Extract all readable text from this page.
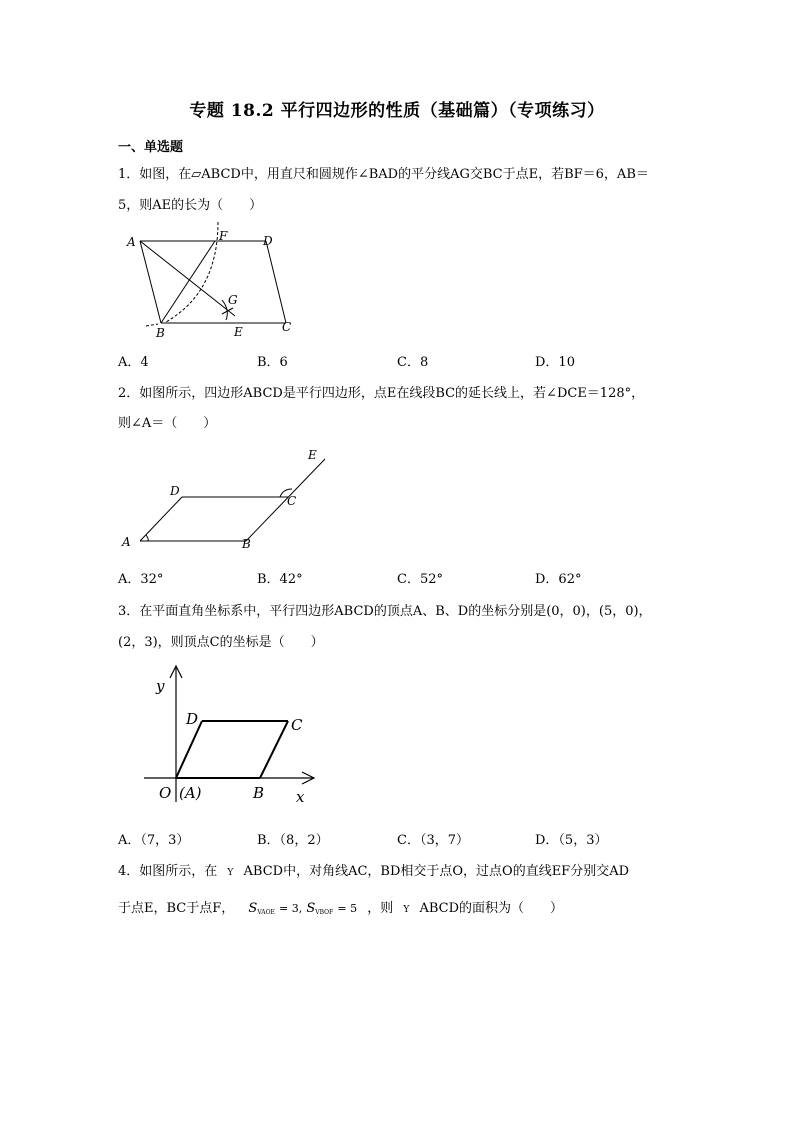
专题 18.2 平行四边形的性质（基础篇）（专项练习）
一、单选题
1．如图，在▱ABCD中，用直尺和圆规作∠BAD的平分线AG交BC于点E，若BF＝6，AB＝
5，则AE的长为（　　）
A	F	D
G
B	E	C
A．4	B．6	C．8	D．10
2．如图所示，四边形ABCD是平行四边形，点E在线段BC的延长线上，若∠DCE＝128°，
则∠A＝（　　）
E
D
C
A	B
A．32°	B．42°	C．52°	D．62°
3．在平面直角坐标系中，平行四边形ABCD的顶点A、B、D的坐标分别是(0，0)，(5，0)，
(2，3)，则顶点C的坐标是（　　）
y
D	C
O (A)	B x
A．（7，3）	B．（8，2）	C．（3，7）	D．（5，3）
4．如图所示，在 Y ABCD中，对角线AC，BD相交于点O，过点O的直线EF分别交AD
于点E，BC于点F， $S_{VAOE} = 3$, $S_{VBOF} = 5$ ，则 Y ABCD的面积为（　　）
